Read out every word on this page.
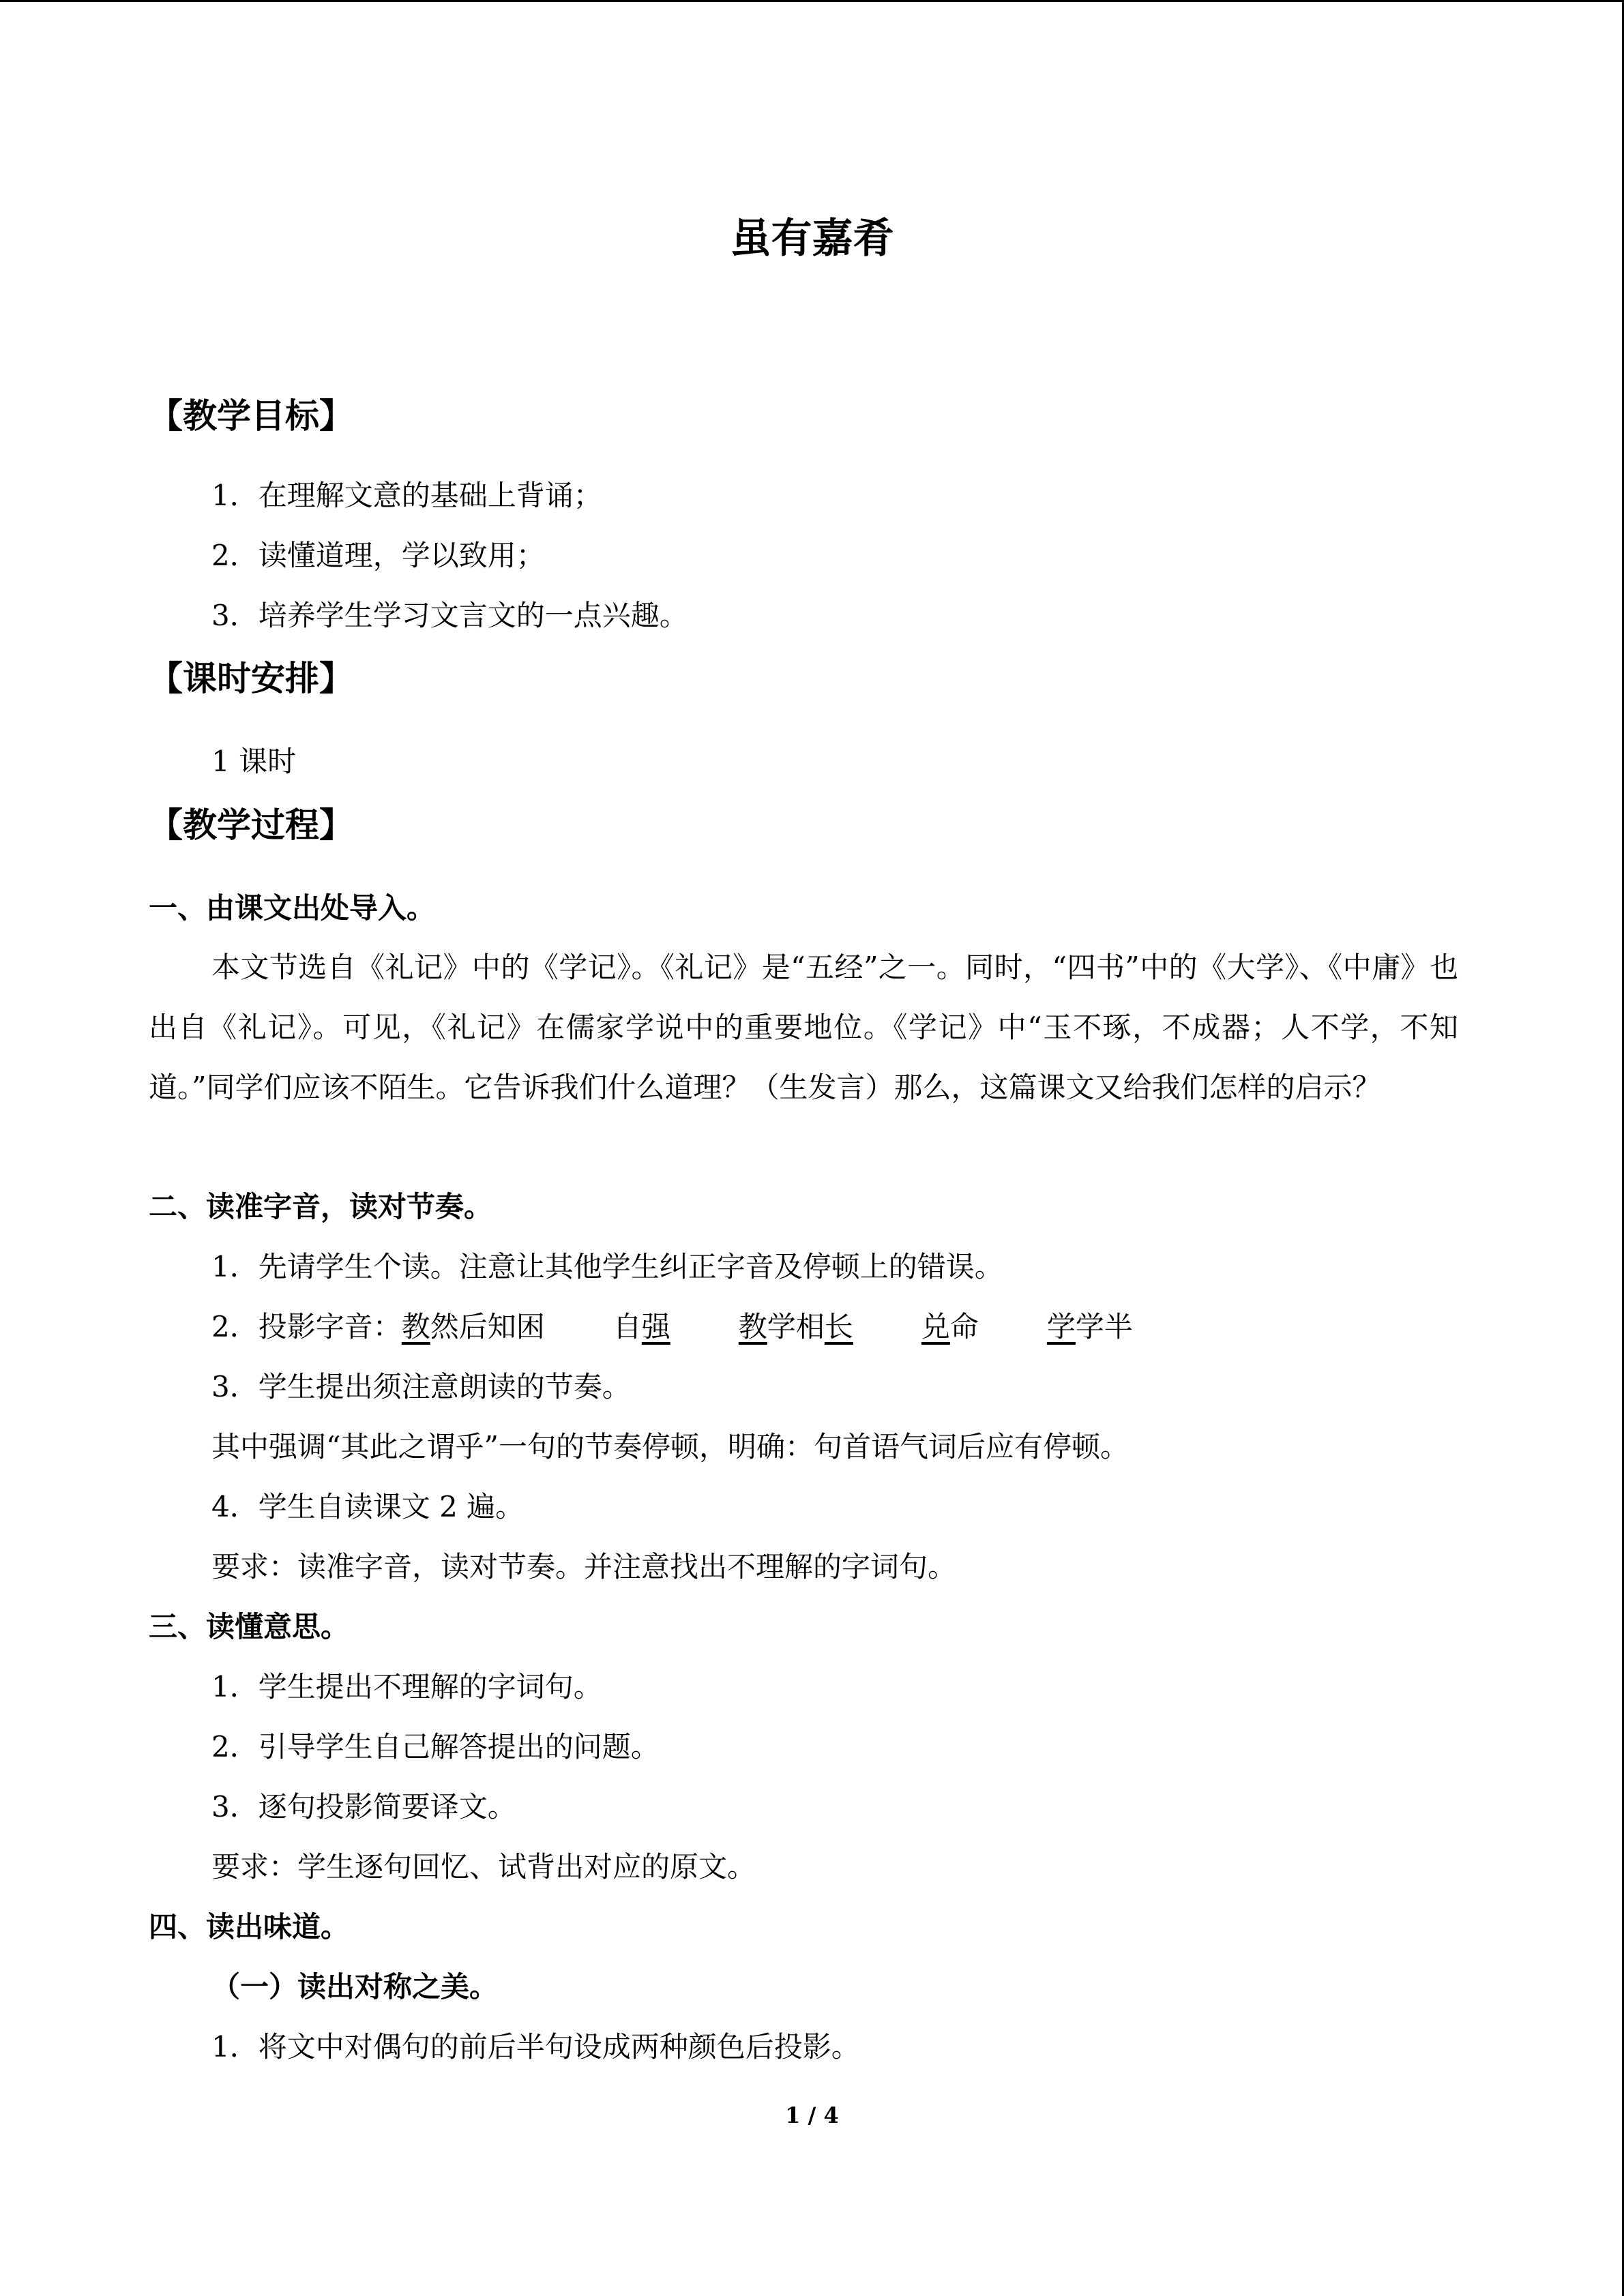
虽有嘉肴
【教学目标】
1．在理解文意的基础上背诵；
2．读懂道理，学以致用；
3．培养学生学习文言文的一点兴趣。
【课时安排】
1 课时
【教学过程】
一、由课文出处导入。
本文节选自《礼记》中的《学记》。《礼记》是“五经”之一。同时，“四书”中的《大学》、《中庸》也出自《礼记》。可见，《礼记》在儒家学说中的重要地位。《学记》中“玉不琢，不成器；人不学，不知道。”同学们应该不陌生。它告诉我们什么道理？（生发言）那么，这篇课文又给我们怎样的启示？
二、读准字音，读对节奏。
1．先请学生个读。注意让其他学生纠正字音及停顿上的错误。
2．投影字音：教然后知困 自强 教学相长 兑命 学学半
3．学生提出须注意朗读的节奏。
其中强调“其此之谓乎”一句的节奏停顿，明确：句首语气词后应有停顿。
4．学生自读课文 2 遍。
要求：读准字音，读对节奏。并注意找出不理解的字词句。
三、读懂意思。
1．学生提出不理解的字词句。
2．引导学生自己解答提出的问题。
3．逐句投影简要译文。
要求：学生逐句回忆、试背出对应的原文。
四、读出味道。
（一）读出对称之美。
1．将文中对偶句的前后半句设成两种颜色后投影。
1 / 4
